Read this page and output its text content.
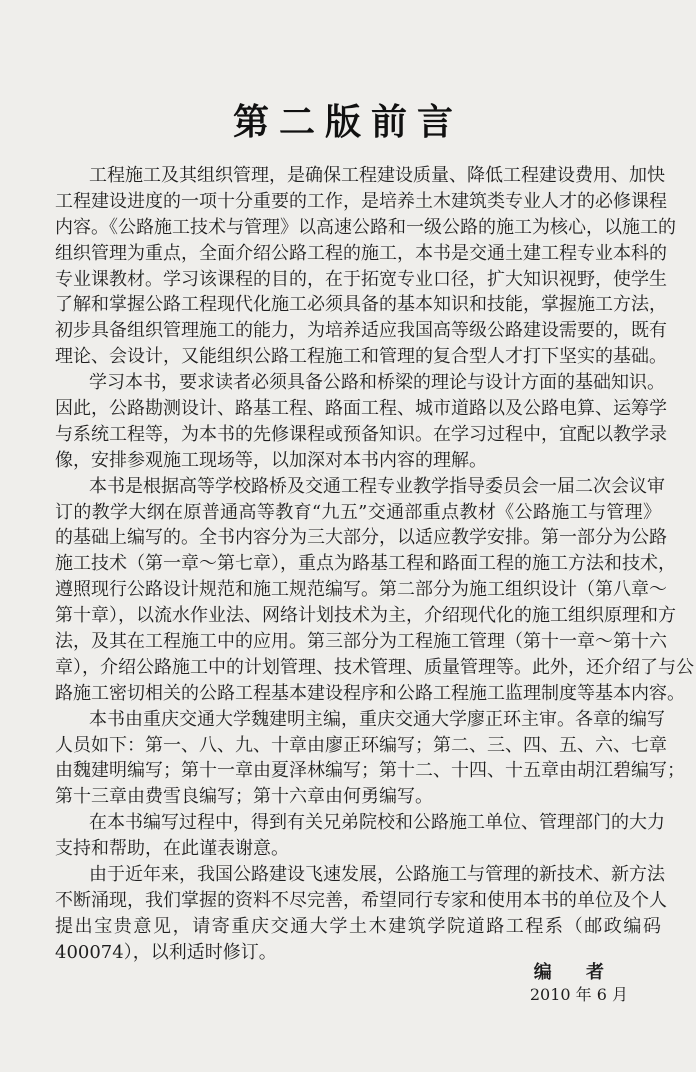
第二版前言
工程施工及其组织管理，是确保工程建设质量、降低工程建设费用、加快
工程建设进度的一项十分重要的工作，是培养土木建筑类专业人才的必修课程
内容。《公路施工技术与管理》以高速公路和一级公路的施工为核心，以施工的
组织管理为重点，全面介绍公路工程的施工，本书是交通土建工程专业本科的
专业课教材。学习该课程的目的，在于拓宽专业口径，扩大知识视野，使学生
了解和掌握公路工程现代化施工必须具备的基本知识和技能，掌握施工方法，
初步具备组织管理施工的能力，为培养适应我国高等级公路建设需要的，既有
理论、会设计，又能组织公路工程施工和管理的复合型人才打下坚实的基础。
学习本书，要求读者必须具备公路和桥梁的理论与设计方面的基础知识。
因此，公路勘测设计、路基工程、路面工程、城市道路以及公路电算、运筹学
与系统工程等，为本书的先修课程或预备知识。在学习过程中，宜配以教学录
像，安排参观施工现场等，以加深对本书内容的理解。
本书是根据高等学校路桥及交通工程专业教学指导委员会一届二次会议审
订的教学大纲在原普通高等教育“九五”交通部重点教材《公路施工与管理》
的基础上编写的。全书内容分为三大部分，以适应教学安排。第一部分为公路
施工技术（第一章～第七章），重点为路基工程和路面工程的施工方法和技术，
遵照现行公路设计规范和施工规范编写。第二部分为施工组织设计（第八章～
第十章），以流水作业法、网络计划技术为主，介绍现代化的施工组织原理和方
法，及其在工程施工中的应用。第三部分为工程施工管理（第十一章～第十六
章），介绍公路施工中的计划管理、技术管理、质量管理等。此外，还介绍了与公
路施工密切相关的公路工程基本建设程序和公路工程施工监理制度等基本内容。
本书由重庆交通大学魏建明主编，重庆交通大学廖正环主审。各章的编写
人员如下：第一、八、九、十章由廖正环编写；第二、三、四、五、六、七章
由魏建明编写；第十一章由夏泽林编写；第十二、十四、十五章由胡江碧编写；
第十三章由费雪良编写；第十六章由何勇编写。
在本书编写过程中，得到有关兄弟院校和公路施工单位、管理部门的大力
支持和帮助，在此谨表谢意。
由于近年来，我国公路建设飞速发展，公路施工与管理的新技术、新方法
不断涌现，我们掌握的资料不尽完善，希望同行专家和使用本书的单位及个人
提出宝贵意见，请寄重庆交通大学土木建筑学院道路工程系（邮政编码
400074），以利适时修订。
编 者
2010 年 6 月
